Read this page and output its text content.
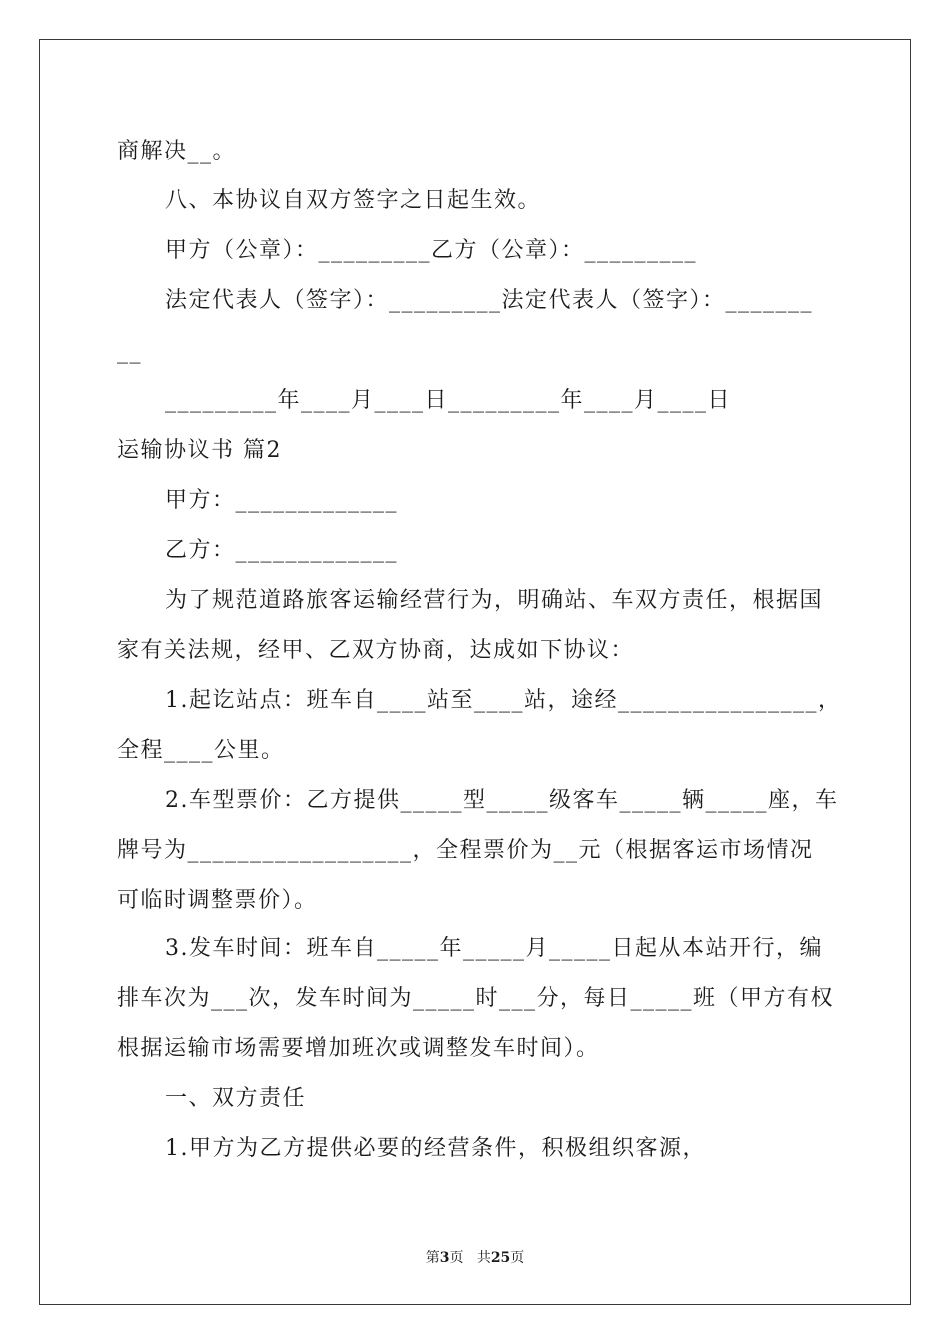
商解决__。
八、本协议自双方签字之日起生效。
甲方（公章）：_________乙方（公章）：_________
法定代表人（签字）：_________法定代表人（签字）：_______
__
_________年____月____日_________年____月____日
运输协议书 篇2
甲方：_____________
乙方：_____________
为了规范道路旅客运输经营行为，明确站、车双方责任，根据国
家有关法规，经甲、乙双方协商，达成如下协议：
1.起讫站点：班车自____站至____站，途经________________，
全程____公里。
2.车型票价：乙方提供_____型_____级客车_____辆_____座，车
牌号为__________________，全程票价为__元（根据客运市场情况
可临时调整票价）。
3.发车时间：班车自_____年_____月_____日起从本站开行，编
排车次为___次，发车时间为_____时___分，每日_____班（甲方有权
根据运输市场需要增加班次或调整发车时间）。
一、双方责任
1.甲方为乙方提供必要的经营条件，积极组织客源，
第3页 共25页
